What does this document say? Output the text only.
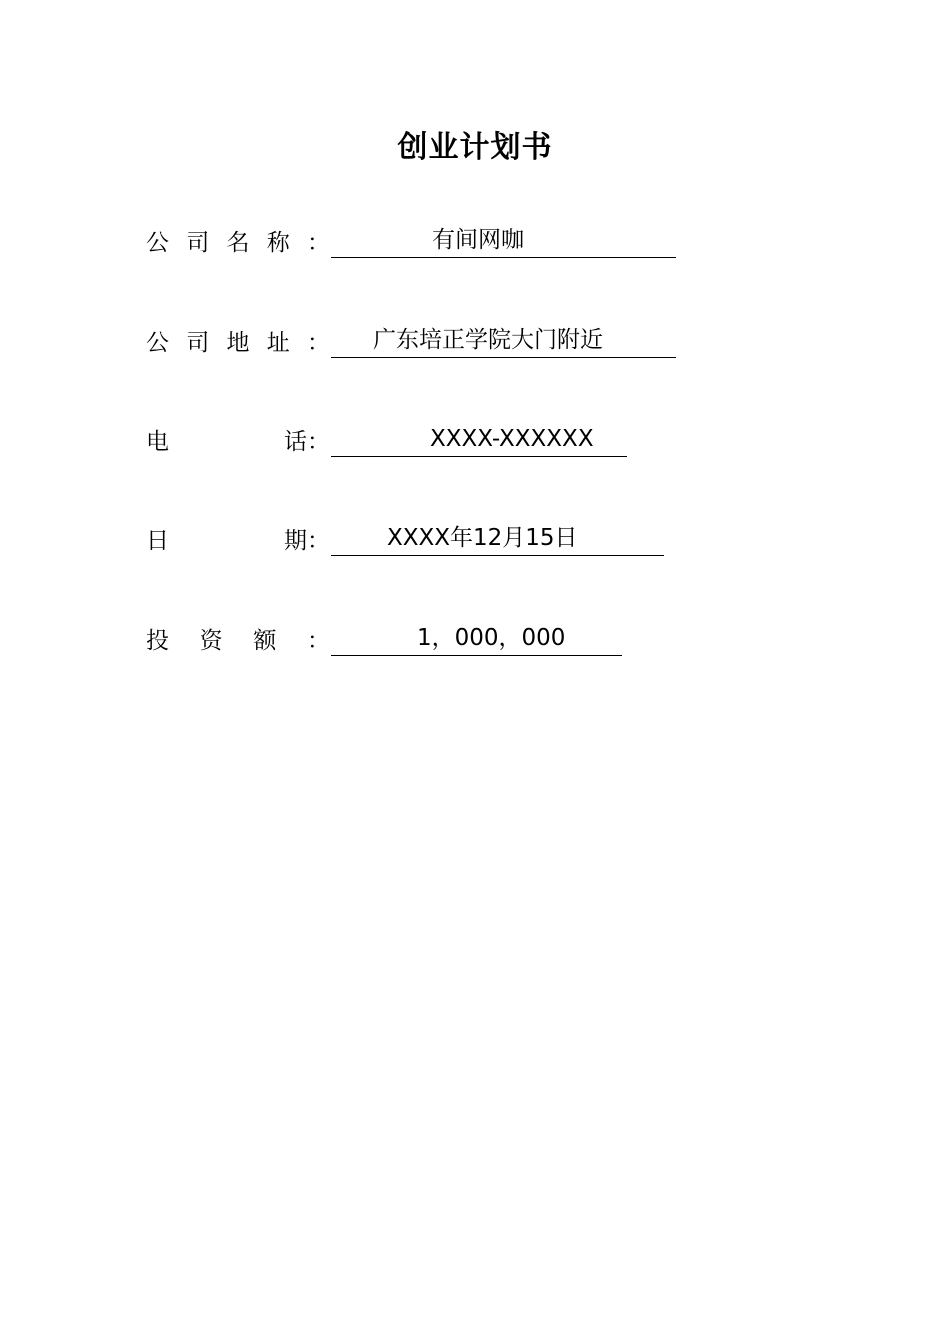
创业计划书
公 司 名 称 ：	有间网咖
公 司 地 址 ： 广东培正学院大门附近
电	话 ：	XXXX-XXXXXX
日	期 ： XXXX年12月15日
投 资 额 ：	1，000，000
